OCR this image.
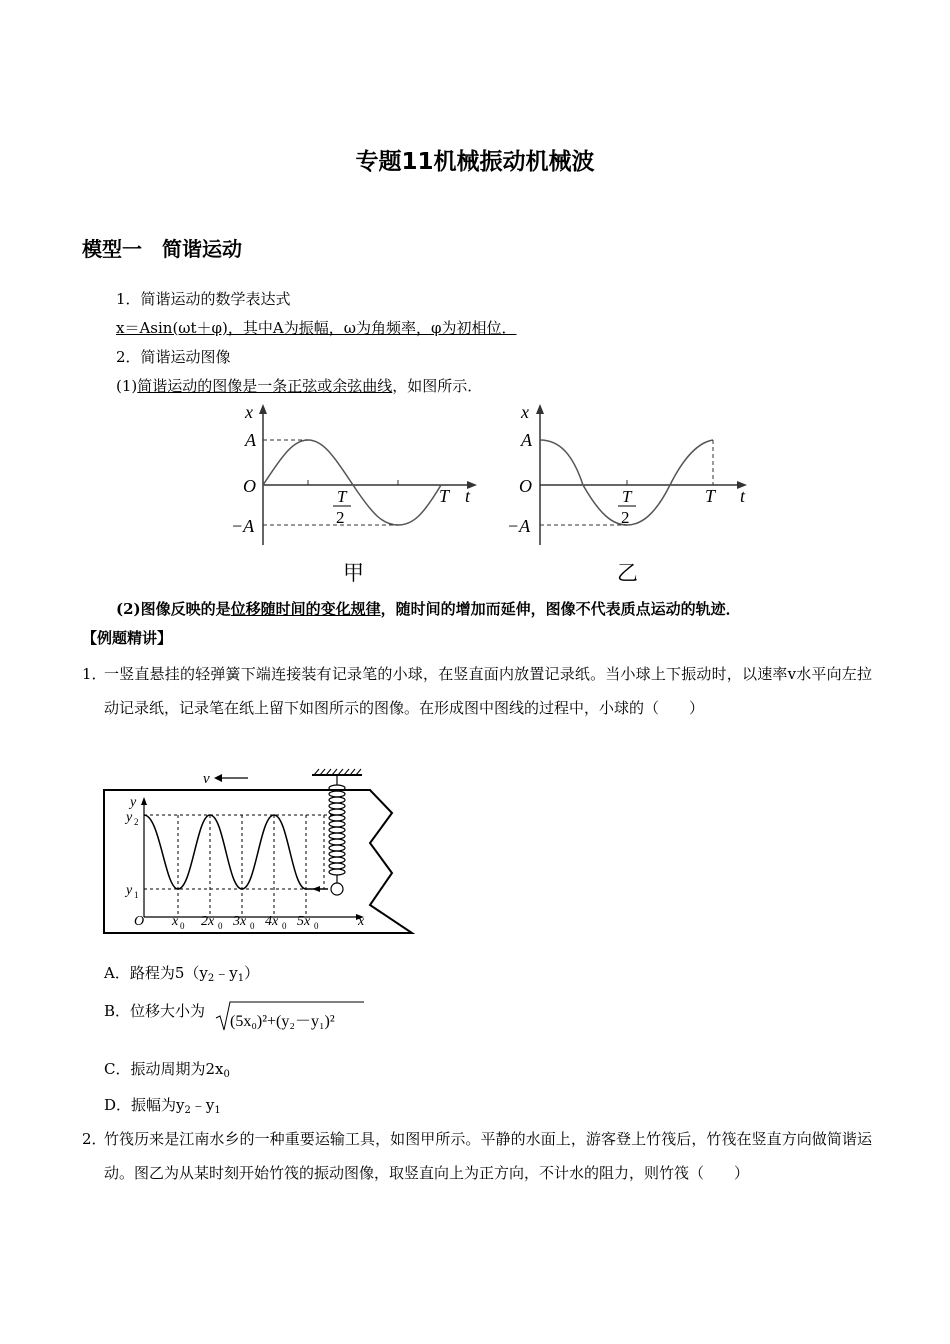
专题11机械振动机械波
模型一　简谐运动
1．简谐运动的数学表达式
x＝Asin(ωt＋φ)，其中A为振幅，ω为角频率，φ为初相位．
2．简谐运动图像
(1)简谐运动的图像是一条正弦或余弦曲线，如图所示．
x
A
O
−A
T
2
T t
甲
x
A
O
−A
T
2
T t
乙
(2)图像反映的是位移随时间的变化规律，随时间的增加而延伸，图像不代表质点运动的轨迹．
【例题精讲】
1．
一竖直悬挂的轻弹簧下端连接装有记录笔的小球，在竖直面内放置记录纸。当小球上下振动时，以速率v水平向左拉动记录纸，记录笔在纸上留下如图所示的图像。在形成图中图线的过程中，小球的（　　）
v
y
y 2
y 1
O	x
x 2x 3x 4x 5x
0	0	0	0	0
A．路程为$5(y_2﹣y_1)$
B．位移大小为
(5x₀)²+(y₂－y₁)²
C．振动周期为$2x_0$
D．振幅为$y_2﹣y_1$
2．
竹筏历来是江南水乡的一种重要运输工具，如图甲所示。平静的水面上，游客登上竹筏后，竹筏在竖直方向做简谐运动。图乙为从某时刻开始竹筏的振动图像，取竖直向上为正方向，不计水的阻力，则竹筏（　　）
